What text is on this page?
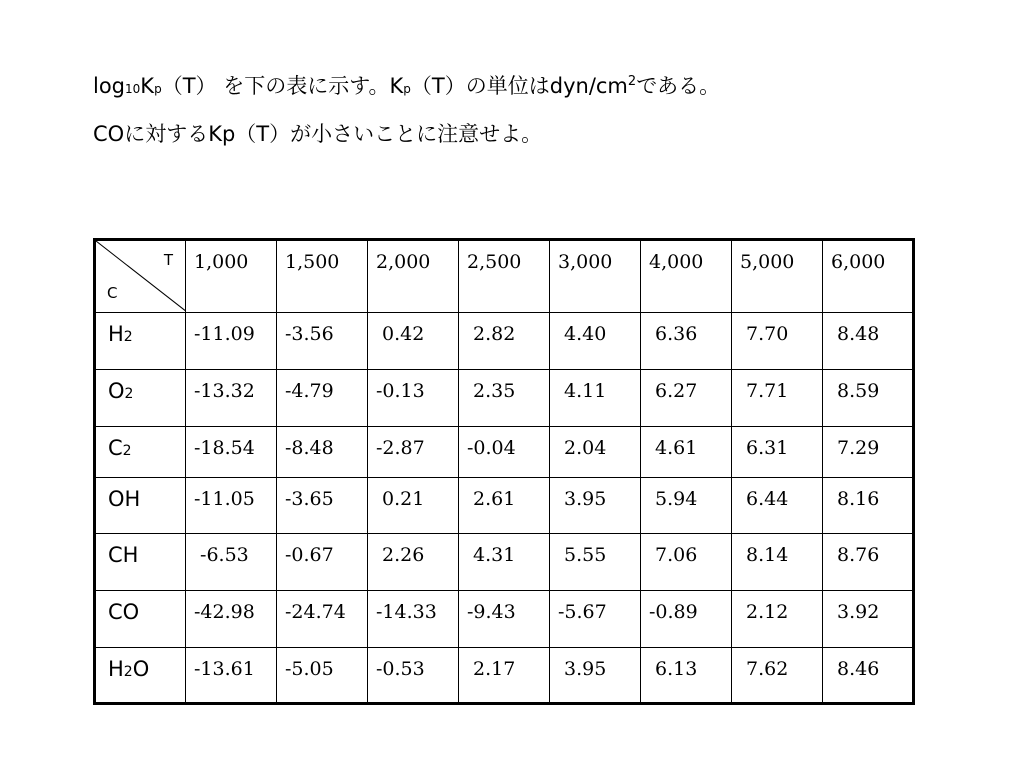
log10Kp（T） を下の表に示す。Kp（T）の単位はdyn/$cm^2$である。
COに対するKp（T）が小さいことに注意せよ。
T
C	1,000	1,500	2,000	2,500	3,000	4,000	5,000	6,000
H2	-11.09	-3.56	0.42	2.82	4.40	6.36	7.70	8.48
O2	-13.32	-4.79	-0.13	2.35	4.11	6.27	7.71	8.59
C2	-18.54	-8.48	-2.87	-0.04	2.04	4.61	6.31	7.29
OH	-11.05	-3.65	0.21	2.61	3.95	5.94	6.44	8.16
CH	-6.53	-0.67	2.26	4.31	5.55	7.06	8.14	8.76
CO	-42.98	-24.74	-14.33	-9.43	-5.67	-0.89	2.12	3.92
H2O	-13.61	-5.05	-0.53	2.17	3.95	6.13	7.62	8.46
